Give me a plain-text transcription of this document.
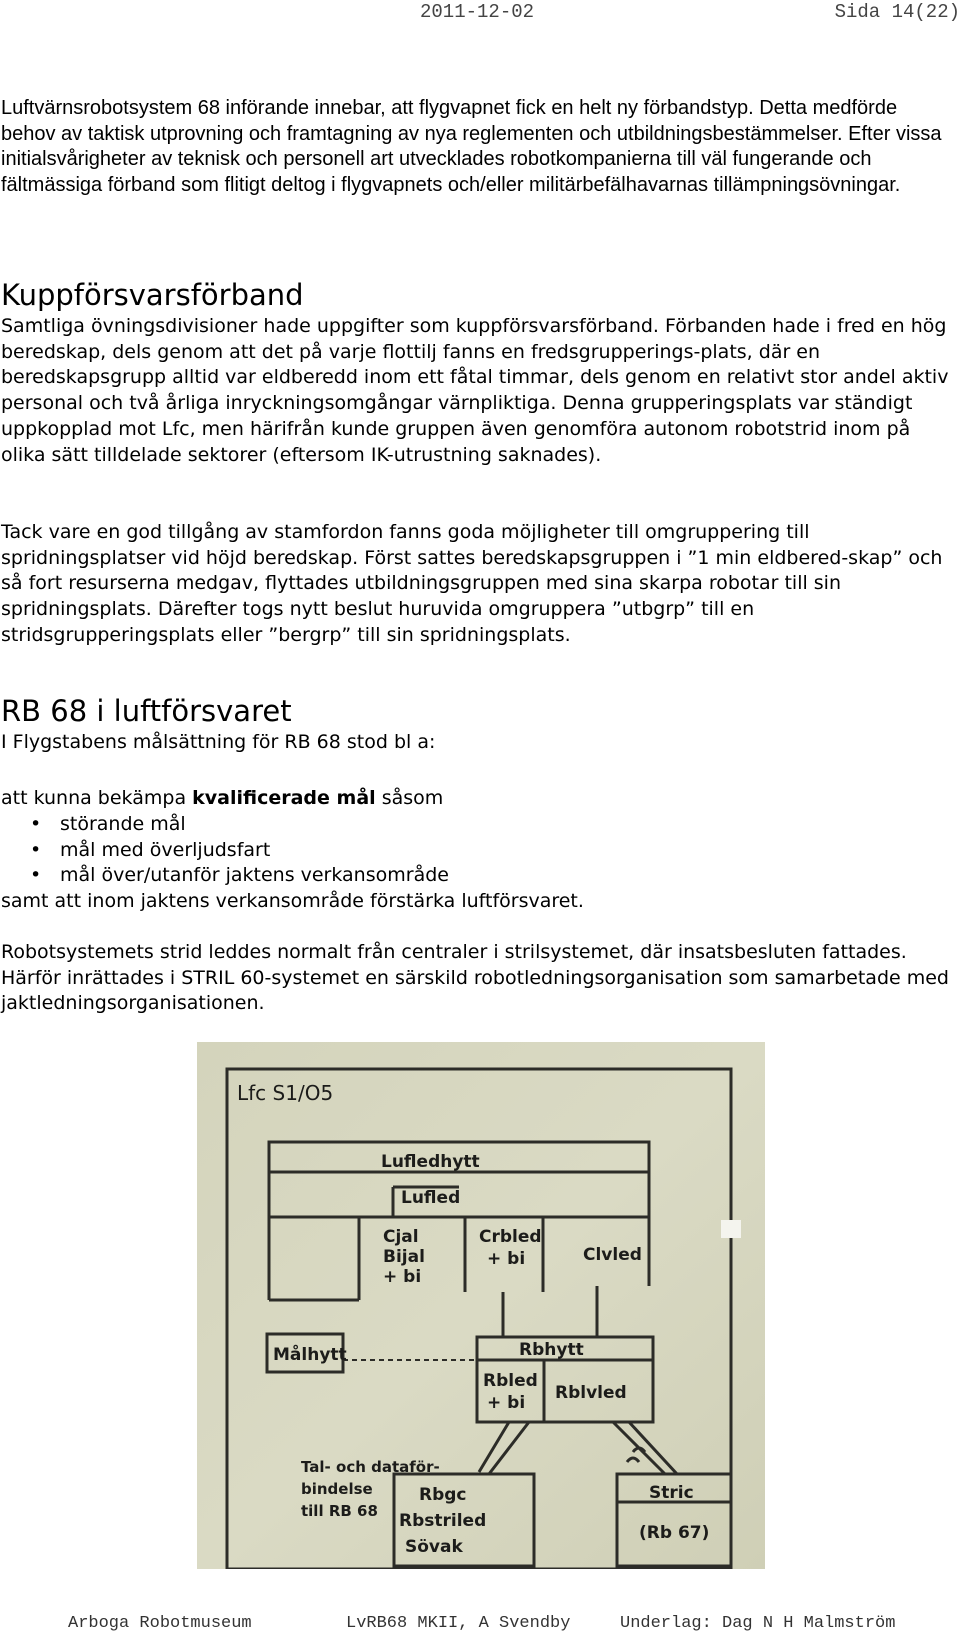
2011-12-02	Sida 14(22)

Luftvärnsrobotsystem 68 införande innebar, att flygvapnet fick en helt ny förbandstyp. Detta medförde behov av taktisk utprovning och framtagning av nya reglementen och utbildningsbestämmelser. Efter vissa initialsvårigheter av teknisk och personell art utvecklades robotkompanierna till väl fungerande och fältmässiga förband som flitigt deltog i flygvapnets och/eller militärbefälhavarnas tillämpningsövningar.

Kuppförsvarsförband

Samtliga övningsdivisioner hade uppgifter som kuppförsvarsförband. Förbanden hade i fred en hög beredskap, dels genom att det på varje flottilj fanns en fredsgrupperings-plats, där en beredskapsgrupp alltid var eldberedd inom ett fåtal timmar, dels genom en relativt stor andel aktiv personal och två årliga inryckningsomgångar värnpliktiga. Denna grupperingsplats var ständigt uppkopplad mot Lfc, men härifrån kunde gruppen även genomföra autonom robotstrid inom på olika sätt tilldelade sektorer (eftersom IK-utrustning saknades).

Tack vare en god tillgång av stamfordon fanns goda möjligheter till omgruppering till spridningsplatser vid höjd beredskap. Först sattes beredskapsgruppen i ”1 min eldbered-skap” och så fort resurserna medgav, flyttades utbildningsgruppen med sina skarpa robotar till sin spridningsplats. Därefter togs nytt beslut huruvida omgruppera ”utbgrp” till en stridsgrupperingsplats eller ”bergrp” till sin spridningsplats.

RB 68 i luftförsvaret

I Flygstabens målsättning för RB 68 stod bl a:

att kunna bekämpa kvalificerade mål såsom

• störande mål
• mål med överljudsfart
• mål över/utanför jaktens verkansområde

samt att inom jaktens verkansområde förstärka luftförsvaret.

Robotsystemets strid leddes normalt från centraler i strilsystemet, där insatsbesluten fattades. Härför inrättades i STRIL 60-systemet en särskild robotledningsorganisation som samarbetade med jaktledningsorganisationen.

Lfc S1/O5
Lufledhytt
Lufled
Cjal
Bijal
+ bi
Crbled
+ bi	Clvled
Målhytt	Rbhytt
Rbled
+ bi Rblvled
Tal- och dataför-
bindelse
till RB 68
Rbgc
Rbstriled
Sövak
Stric
(Rb 67)
Arboga Robotmuseum	LvRB68 MKII, A Svendby	Underlag: Dag N H Malmström
